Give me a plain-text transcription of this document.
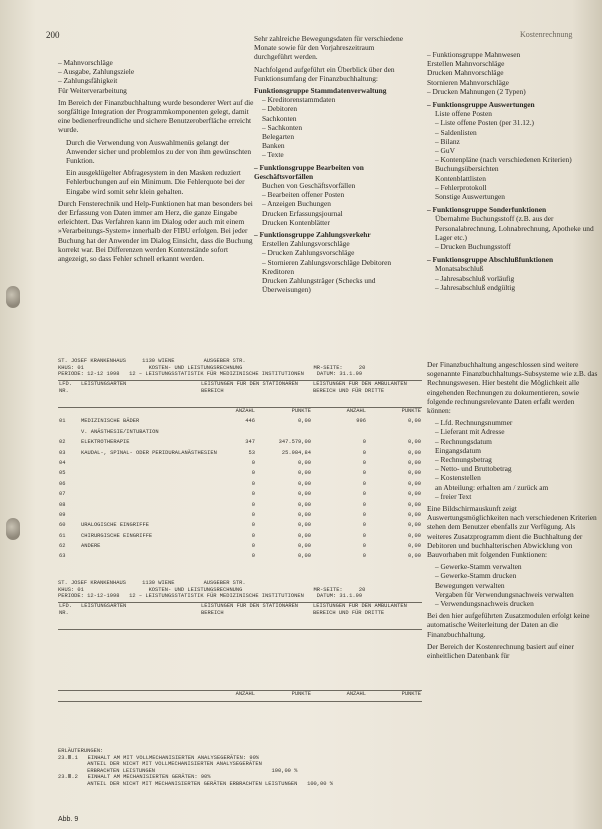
200	Kostenrechnung
– Mahnvorschläge
– Ausgabe, Zahlungsziele
– Zahlungsfähigkeit
Für Weiterverarbeitung

Im Bereich der Finanzbuchhaltung wurde besonderer Wert auf die sorgfältige Integration der Programmkomponenten gelegt, damit eine bedienerfreundliche und sichere Benutzeroberfläche erreicht wurde.

Durch die Verwendung von Auswahlmenüs gelangt der Anwender sicher und problemlos zu der von ihm gewünschten Funktion.

Ein ausgeklügelter Abfragesystem in den Masken reduziert Fehlerbuchungen auf ein Minimum. Die Fehlerquote bei der Eingabe wird somit sehr klein gehalten.

Durch Fensterechnik und Help-Funktionen hat man besonders bei der Erfassung von Daten immer am Herz, die ganze Eingabe erleichtert. Das Verfahren kann im Dialog oder auch mit einem »Verarbeitungs-System« innerhalb der FIBU erfolgen. Bei jeder Buchung hat der Anwender im Dialog Einsicht, dass die Buchung korrekt war. Bei Differenzen werden Kontenstände sofort angezeigt, so dass Fehler schnell erkannt werden.

Sehr zahlreiche Bewegungsdaten für verschiedene Monate sowie für den Vorjahreszeitraum durchgeführt werden.

Nachfolgend aufgeführt ein Überblick über den Funktionsumfang der Finanzbuchhaltung:

Funktionsgruppe Stammdatenverwaltung
– Kreditorenstammdaten
– Debitoren
Sachkonten
– Sachkonten
Belegarten
Banken
– Texte
– Funktionsgruppe Bearbeiten von Geschäftsvorfällen
Buchen von Geschäftsvorfällen
– Bearbeiten offener Posten
– Anzeigen Buchungen
Drucken Erfassungsjournal
Drucken Kontenblätter
– Funktionsgruppe Zahlungsverkehr
Erstellen Zahlungsvorschläge
– Drucken Zahlungsvorschläge
– Stornieren Zahlungsvorschläge Debitoren Kreditoren
Drucken Zahlungsträger (Schecks und Überweisungen)
– Funktionsgruppe Mahnwesen
Erstellen Mahnvorschläge
Drucken Mahnvorschläge
Stornieren Mahnvorschläge
– Drucken Mahnungen (2 Typen)
– Funktionsgruppe Auswertungen
Liste offene Posten
– Liste offene Posten (per 31.12.)
– Saldenlisten
– Bilanz
– GuV
– Kontenpläne (nach verschiedenen Kriterien)
Buchungsübersichten
Kontenblattlisten
– Fehlerprotokoll
Sonstige Auswertungen
– Funktionsgruppe Sonderfunktionen
Übernahme Buchungsstoff (z.B. aus der Personalabrechnung, Lohnabrechnung, Apotheke und Lager etc.)
– Drucken Buchungsstoff
– Funktionsgruppe Abschlußfunktionen
Monatsabschluß
– Jahresabschluß vorläufig
– Jahresabschluß endgültig

Der Finanzbuchhaltung angeschlossen sind weitere sogenannte Finanzbuchhaltungs-Subsysteme wie z.B. das Rechnungswesen. Hier besteht die Möglichkeit alle eingehenden Rechnungen zu dokumentieren, sowie folgende rechnungsrelevante Daten erfaßt werden können:

– Lfd. Rechnungsnummer
– Lieferant mit Adresse
– Rechnungsdatum
Eingangsdatum
– Rechnungsbetrag
– Netto- und Bruttobetrag
– Kostenstellen
an Abteilung: erhalten am / zurück am
– freier Text

Eine Bildschirmauskunft zeigt Auswertungsmöglichkeiten nach verschiedenen Kriterien stehen dem Benutzer ebenfalls zur Verfügung. Als weiteres Zusatzprogramm dient die Buchhaltung der Debitoren und buchhalterischen Abwicklung von Bauvorhaben mit folgenden Funktionen:

– Gewerke-Stamm verwalten
– Gewerke-Stamm drucken
Bewegungen verwalten
Vergaben für Verwendungsnachweis verwalten
– Verwendungsnachweis drucken

Bei den hier aufgeführten Zusatzmodulen erfolgt keine automatische Weiterleitung der Daten an die Finanzbuchhaltung.

Der Bereich der Kostenrechnung basiert auf einer einheitlichen Datenbank für

ST. JOSEF KRANKENHAUS     1130 WIENE         AUSGEBER STR.
KHUS: 01                    KOSTEN- UND LEISTUNGSRECHNUNG                      MR-SEITE:     20
PERIODE: 12-12 1998   12 – LEISTUNGSSTATISTIK FÜR MEDIZINISCHE INSTITUTIONEN    DATUM: 31.1.99
LFD. NR.	LEISTUNGSARTEN	LEISTUNGEN FÜR DEN STATIONÄREN BEREICH		LEISTUNGEN FÜR DEN AMBULANTEN BEREICH UND FÜR DRITTE	
		ANZAHL	PUNKTE	ANZAHL	PUNKTE
01	MEDIZINISCHE BÄDER	446	0,00	996	0,00
	V. ANÄSTHESIE/INTUBATION				
02	ELEKTROTHERAPIE	347	347.579,00	0	0,00
03	KAUDAL-, SPINAL- ODER PERIDURALANÄSTHESIEN	53	25.984,84	0	0,00
04		0	0,00	0	0,00
05		0	0,00	0	0,00
06		0	0,00	0	0,00
07		0	0,00	0	0,00
08		0	0,00	0	0,00
09		0	0,00	0	0,00
60	URALOGISCHE EINGRIFFE	0	0,00	0	0,00
61	CHIRURGISCHE EINGRIFFE	0	0,00	0	0,00
62	ANDERE	0	0,00	0	0,00
63		0	0,00	0	0,00
ST. JOSEF KRANKENHAUS     1130 WIENE         AUSGEBER STR.
KHUS: 01                    KOSTEN- UND LEISTUNGSRECHNUNG                      MR-SEITE:     20
PERIODE: 12-12-1998   12 – LEISTUNGSSTATISTIK FÜR MEDIZINISCHE INSTITUTIONEN    DATUM: 31.1.99
LFD. NR.	LEISTUNGSARTEN	LEISTUNGEN FÜR DEN STATIONÄREN BEREICH		LEISTUNGEN FÜR DEN AMBULANTEN BEREICH UND FÜR DRITTE	

		ANZAHL	PUNKTE	ANZAHL	PUNKTE
ERLÄUTERUNGEN:
23.Ⅲ.1   EINHALT AM MIT VOLLMECHANISIERTEN ANALYSEGERÄTEN: 90%
ANTEIL DER NICHT MIT VOLLMECHANISIERTEN ANALYSEGERÄTEN
ERBRACHTEN LEISTUNGEN                                    100,00 %
23.Ⅲ.2   EINHALT AM MECHANISIERTEN GERÄTEN: 90%
ANTEIL DER NICHT MIT MECHANISIERTEN GERÄTEN ERBRACHTEN LEISTUNGEN   100,00 %
Abb. 9
